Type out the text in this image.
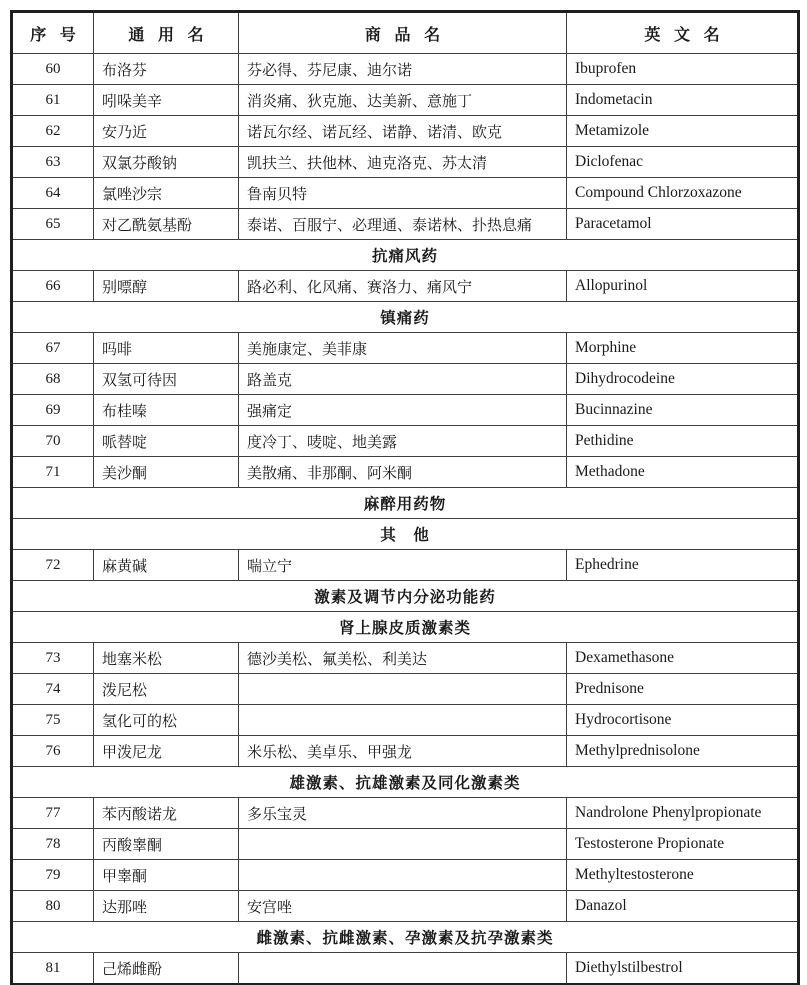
序号	通用名	商品名	英文名
60	布洛芬	芬必得、芬尼康、迪尔诺	Ibuprofen
61	吲哚美辛	消炎痛、狄克施、达美新、意施丁	Indometacin
62	安乃近	诺瓦尔经、诺瓦经、诺静、诺清、欧克	Metamizole
63	双氯芬酸钠	凯扶兰、扶他林、迪克洛克、苏太清	Diclofenac
64	氯唑沙宗	鲁南贝特	Compound Chlorzoxazone
65	对乙酰氨基酚	泰诺、百服宁、必理通、泰诺林、扑热息痛	Paracetamol
抗痛风药			
66	别嘌醇	路必利、化风痛、赛洛力、痛风宁	Allopurinol
镇痛药			
67	吗啡	美施康定、美菲康	Morphine
68	双氢可待因	路盖克	Dihydrocodeine
69	布桂嗪	强痛定	Bucinnazine
70	哌替啶	度冷丁、唛啶、地美露	Pethidine
71	美沙酮	美散痛、非那酮、阿米酮	Methadone
麻醉用药物			
其　他			
72	麻黄碱	喘立宁	Ephedrine
激素及调节内分泌功能药			
肾上腺皮质激素类			
73	地塞米松	德沙美松、氟美松、利美达	Dexamethasone
74	泼尼松		Prednisone
75	氢化可的松		Hydrocortisone
76	甲泼尼龙	米乐松、美卓乐、甲强龙	Methylprednisolone
雄激素、抗雄激素及同化激素类			
77	苯丙酸诺龙	多乐宝灵	Nandrolone Phenylpropionate
78	丙酸睾酮		Testosterone Propionate
79	甲睾酮		Methyltestosterone
80	达那唑	安宫唑	Danazol
雌激素、抗雌激素、孕激素及抗孕激素类			
81	己烯雌酚		Diethylstilbestrol
